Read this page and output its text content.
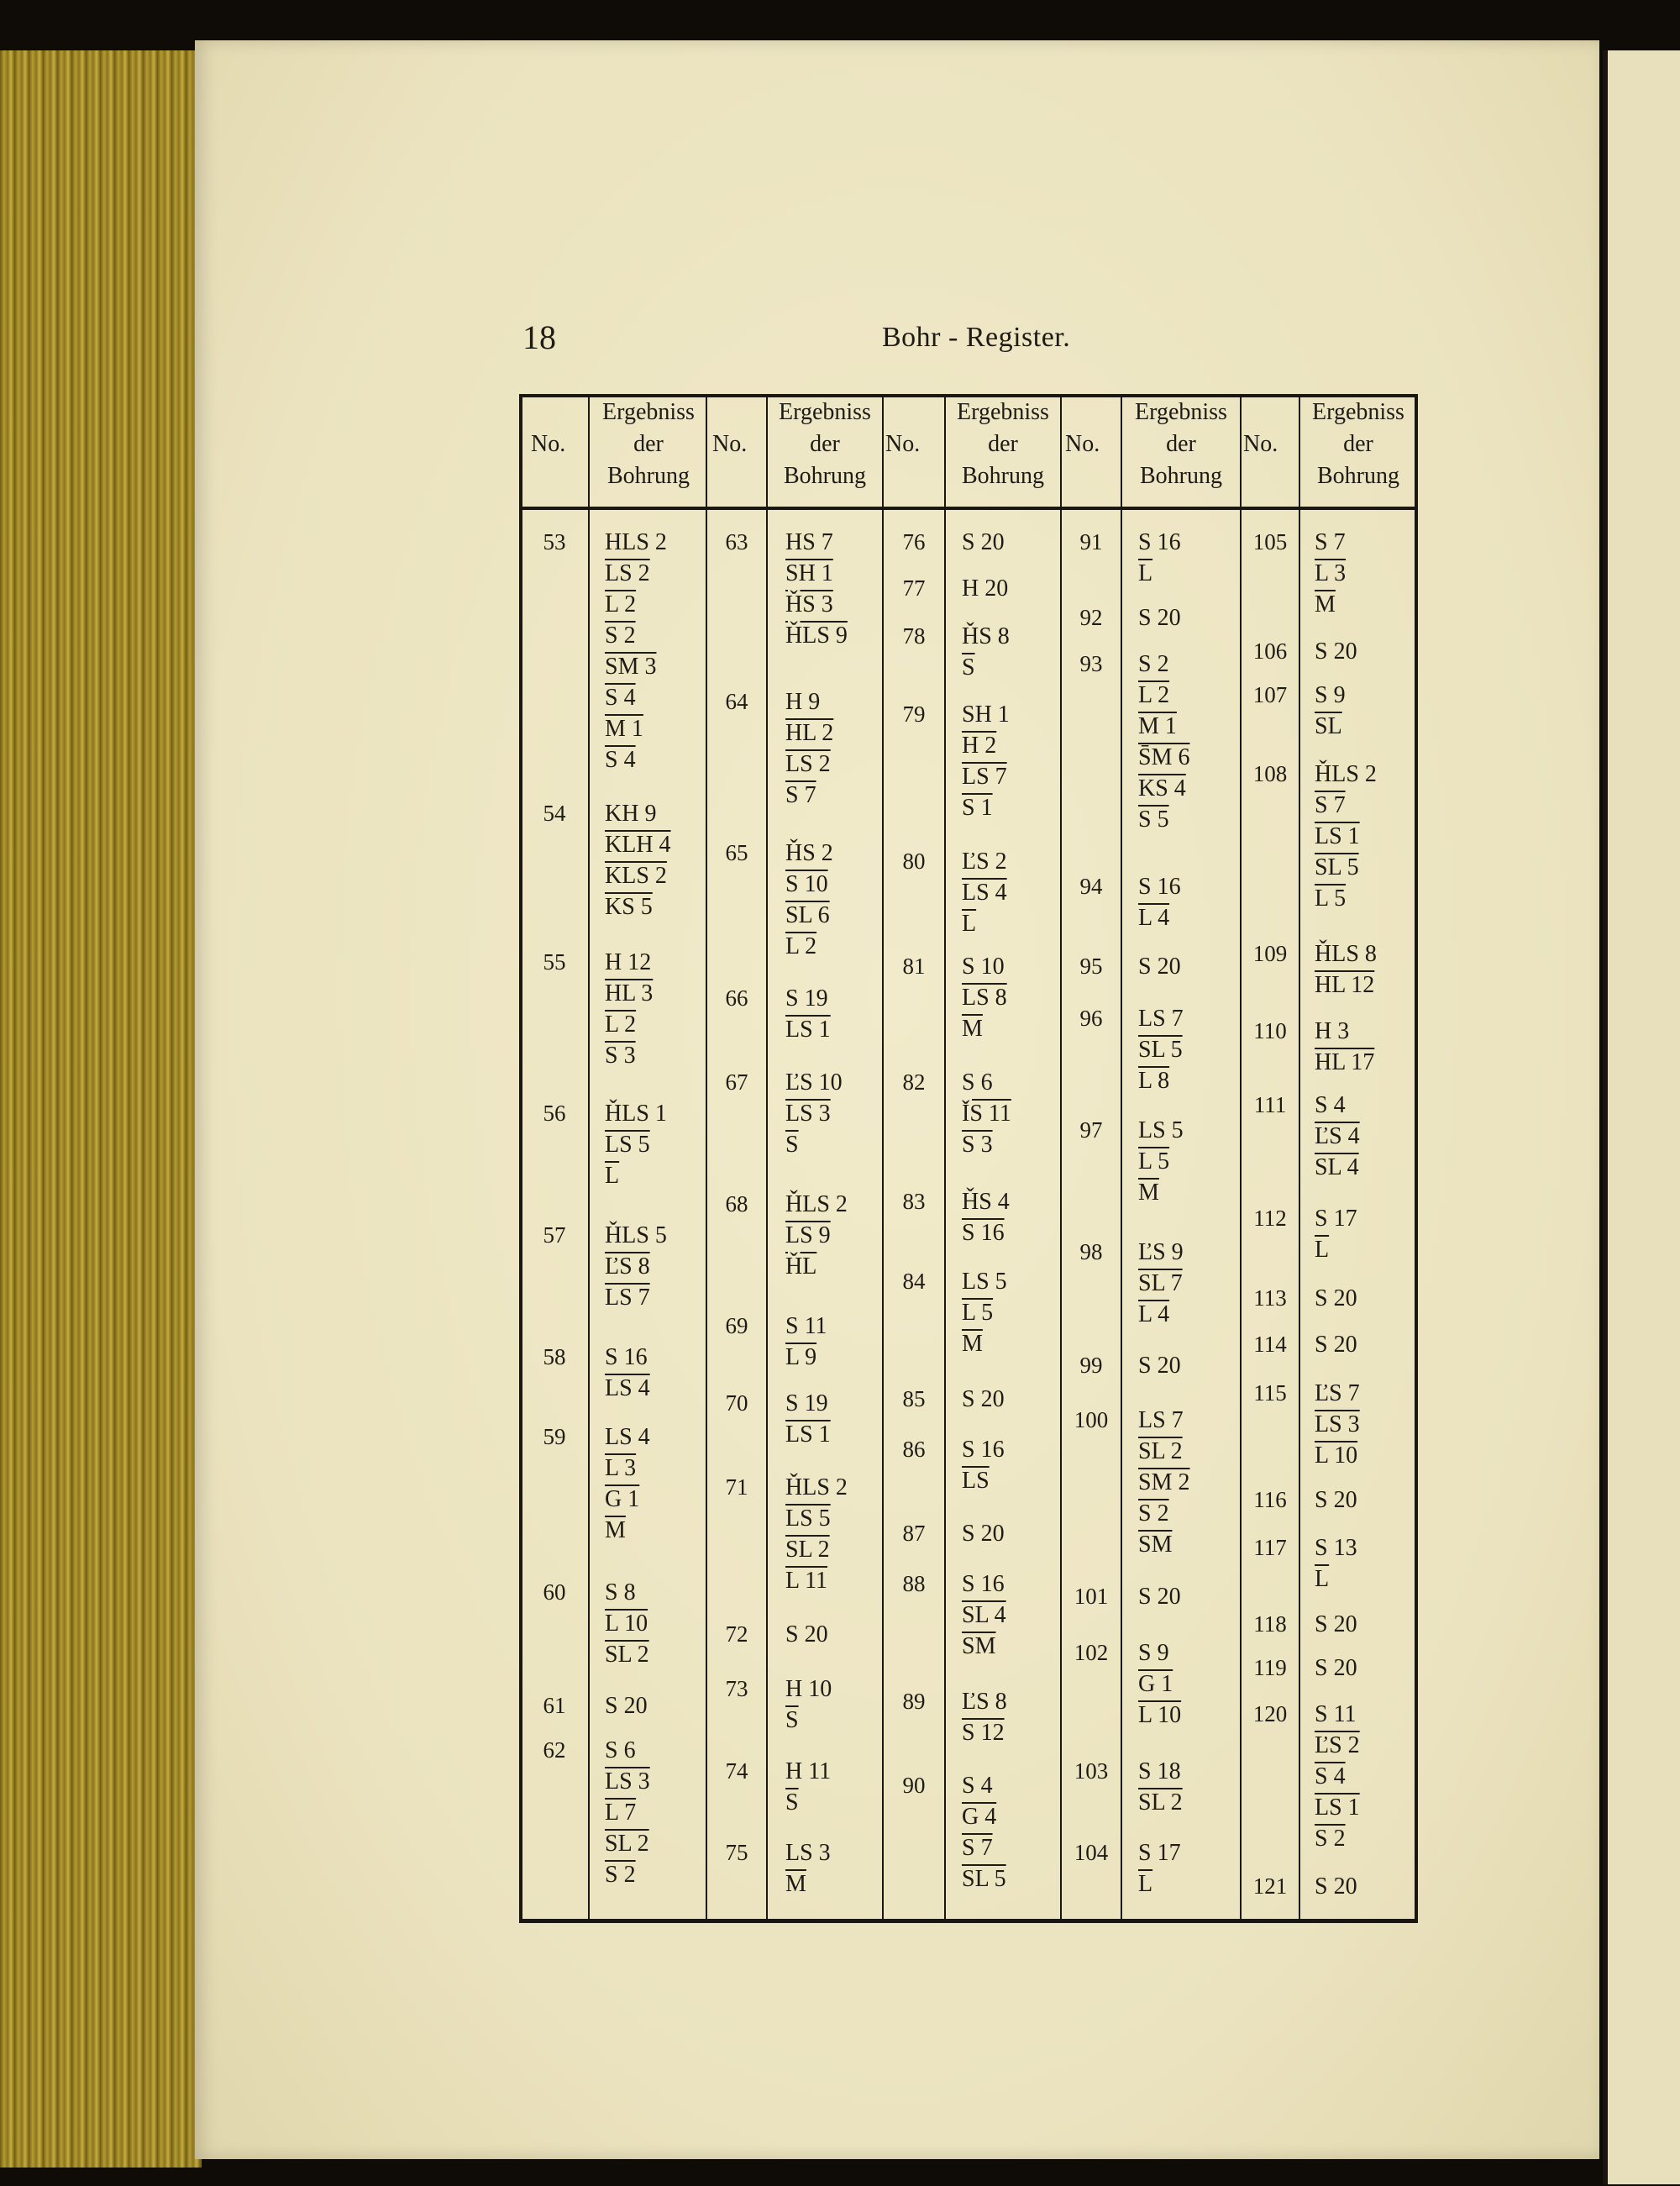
18	Bohr - Register.
No.
Ergebniss
der
Bohrung
No.
Ergebniss
der
Bohrung
No.
Ergebniss
der
Bohrung
No.
Ergebniss
der
Bohrung
No.
Ergebniss
der
Bohrung
53	HLS 2
LS 2
L 2
S 2
SM 3
S 4
M 1
S 4
54	KH 9
KLH 4
KLS 2
KS 5
55	H 12
HL 3
L 2
S 3
56	ȞLS 1
LS 5
$\overline{L}$
57	ȞLS 5
ĽS 8
LS 7
58	S 16
LS 4
59	LS 4
L 3
G 1
$\overline{M}$
60	S 8
L 10
SL 2
61	S 20
62	S 6
LS 3
L 7
SL 2
S 2
63	HS 7
SH 1
ȞS 3
ȞLS 9
64	H 9
HL 2
LS 2
S 7
65	ȞS 2
S 10
SL 6
L 2
66	S 19
LS 1
67	ĽS 10
LS 3
$\overline{S}$
68	ȞLS 2
LS 9
$\overline{ȞL}$
69	S 11
L 9
70	S 19
LS 1
71	ȞLS 2
LS 5
SL 2
L 11
72	S 20
73	H 10
$\overline{S}$
74	H 11
$\overline{S}$
75	LS 3
$\overline{M}$
76	S 20
77	H 20
78	ȞS 8
$\overline{S}$
79	SH 1
H 2
LS 7
S 1
80	ĽS 2
LS 4
$\overline{L}$
81	S 10
LS 8
$\overline{M}$
82	S 6
ǏS 11
S 3
83	ȞS 4
S 16
84	LS 5
L 5
$\overline{M}$
85	S 20
86	S 16
$\overline{LS}$
87	S 20
88	S 16
SL 4
$\overline{SM}$
89	ĽS 8
S 12
90	S 4
G 4
S 7
SL 5
91	S 16
$\overline{L}$
92	S 20
93	S 2
L 2
M 1
S̄M 6
KS 4
S 5
94	S 16
L 4
95	S 20
96	LS 7
SL 5
L 8
97	LS 5
L 5
$\overline{M}$
98	ĽS 9
SL 7
L 4
99	S 20
100	LS 7
SL 2
SM 2
S 2
$\overline{SM}$
101	S 20
102	S 9
G 1
L 10
103	S 18
SL 2
104	S 17
$\overline{L}$
105	S 7
L 3
$\overline{M}$
106	S 20
107	S 9
$\overline{SL}$
108	ȞLS 2
S 7
LS 1
SL 5
L 5
109	ȞLS 8
HL 12
110	H 3
HL 17
111	S 4
ĽS 4
SL 4
112	S 17
$\overline{L}$
113	S 20
114	S 20
115	ĽS 7
LS 3
L 10
116	S 20
117	S 13
$\overline{L}$
118	S 20
119	S 20
120	S 11
ĽS 2
S 4
LS 1
S 2
121	S 20
